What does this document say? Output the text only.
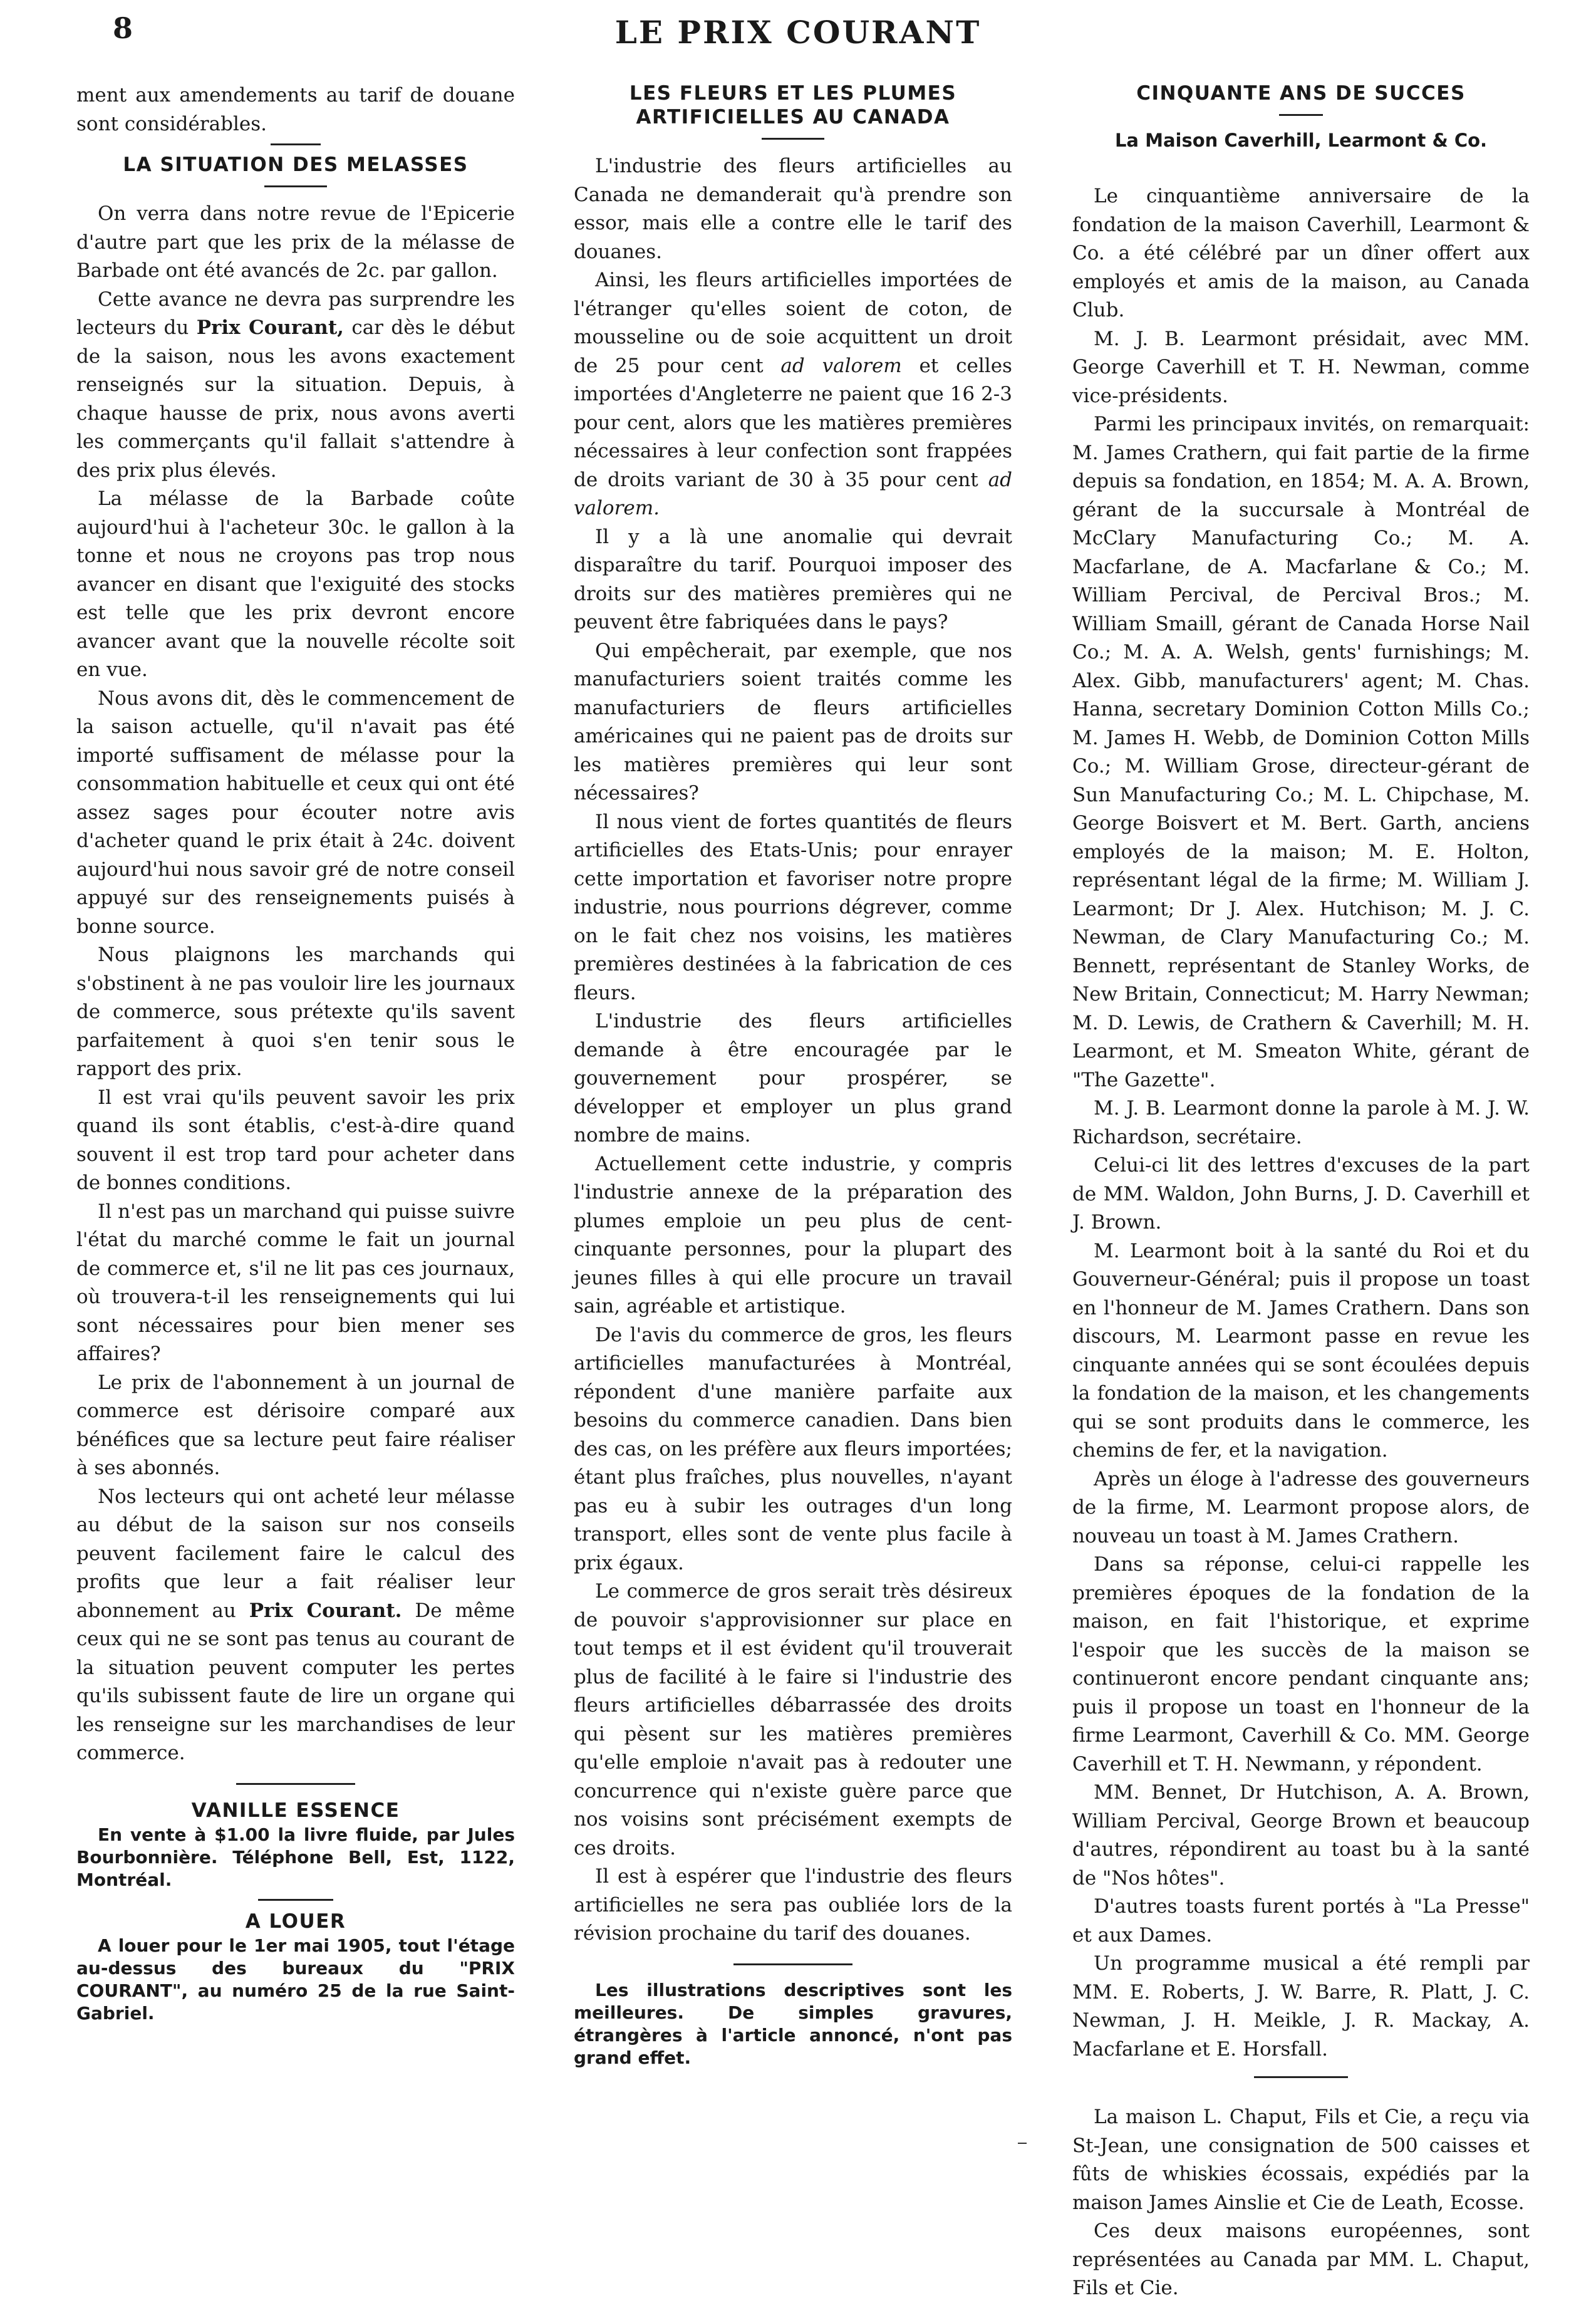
8	LE PRIX COURANT

ment aux amendements au tarif de douane sont considérables.

LA SITUATION DES MELASSES

On verra dans notre revue de l'Epicerie d'autre part que les prix de la mélasse de Barbade ont été avancés de 2c. par gallon.

Cette avance ne devra pas surprendre les lecteurs du Prix Courant, car dès le début de la saison, nous les avons exactement renseignés sur la situation. Depuis, à chaque hausse de prix, nous avons averti les commerçants qu'il fallait s'attendre à des prix plus élevés.

La mélasse de la Barbade coûte aujourd'hui à l'acheteur 30c. le gallon à la tonne et nous ne croyons pas trop nous avancer en disant que l'exiguité des stocks est telle que les prix devront encore avancer avant que la nouvelle récolte soit en vue.

Nous avons dit, dès le commencement de la saison actuelle, qu'il n'avait pas été importé suffisament de mélasse pour la consommation habituelle et ceux qui ont été assez sages pour écouter notre avis d'acheter quand le prix était à 24c. doivent aujourd'hui nous savoir gré de notre conseil appuyé sur des renseignements puisés à bonne source.

Nous plaignons les marchands qui s'obstinent à ne pas vouloir lire les journaux de commerce, sous prétexte qu'ils savent parfaitement à quoi s'en tenir sous le rapport des prix.

Il est vrai qu'ils peuvent savoir les prix quand ils sont établis, c'est-à-dire quand souvent il est trop tard pour acheter dans de bonnes conditions.

Il n'est pas un marchand qui puisse suivre l'état du marché comme le fait un journal de commerce et, s'il ne lit pas ces journaux, où trouvera-t-il les renseignements qui lui sont nécessaires pour bien mener ses affaires?

Le prix de l'abonnement à un journal de commerce est dérisoire comparé aux bénéfices que sa lecture peut faire réaliser à ses abonnés.

Nos lecteurs qui ont acheté leur mélasse au début de la saison sur nos conseils peuvent facilement faire le calcul des profits que leur a fait réaliser leur abonnement au Prix Courant. De même ceux qui ne se sont pas tenus au courant de la situation peuvent computer les pertes qu'ils subissent faute de lire un organe qui les renseigne sur les marchandises de leur commerce.

VANILLE ESSENCE

En vente à $1.00 la livre fluide, par Jules Bourbonnière. Téléphone Bell, Est, 1122, Montréal.

A LOUER

A louer pour le 1er mai 1905, tout l'étage au-dessus des bureaux du "PRIX COURANT", au numéro 25 de la rue Saint-Gabriel.

LES FLEURS ET LES PLUMES ARTIFICIELLES AU CANADA

L'industrie des fleurs artificielles au Canada ne demanderait qu'à prendre son essor, mais elle a contre elle le tarif des douanes.

Ainsi, les fleurs artificielles importées de l'étranger qu'elles soient de coton, de mousseline ou de soie acquittent un droit de 25 pour cent ad valorem et celles importées d'Angleterre ne paient que 16 2-3 pour cent, alors que les matières premières nécessaires à leur confection sont frappées de droits variant de 30 à 35 pour cent ad valorem.

Il y a là une anomalie qui devrait disparaître du tarif. Pourquoi imposer des droits sur des matières premières qui ne peuvent être fabriquées dans le pays?

Qui empêcherait, par exemple, que nos manufacturiers soient traités comme les manufacturiers de fleurs artificielles américaines qui ne paient pas de droits sur les matières premières qui leur sont nécessaires?

Il nous vient de fortes quantités de fleurs artificielles des Etats-Unis; pour enrayer cette importation et favoriser notre propre industrie, nous pourrions dégrever, comme on le fait chez nos voisins, les matières premières destinées à la fabrication de ces fleurs.

L'industrie des fleurs artificielles demande à être encouragée par le gouvernement pour prospérer, se développer et employer un plus grand nombre de mains.

Actuellement cette industrie, y compris l'industrie annexe de la préparation des plumes emploie un peu plus de cent-cinquante personnes, pour la plupart des jeunes filles à qui elle procure un travail sain, agréable et artistique.

De l'avis du commerce de gros, les fleurs artificielles manufacturées à Montréal, répondent d'une manière parfaite aux besoins du commerce canadien. Dans bien des cas, on les préfère aux fleurs importées; étant plus fraîches, plus nouvelles, n'ayant pas eu à subir les outrages d'un long transport, elles sont de vente plus facile à prix égaux.

Le commerce de gros serait très désireux de pouvoir s'approvisionner sur place en tout temps et il est évident qu'il trouverait plus de facilité à le faire si l'industrie des fleurs artificielles débarrassée des droits qui pèsent sur les matières premières qu'elle emploie n'avait pas à redouter une concurrence qui n'existe guère parce que nos voisins sont précisément exempts de ces droits.

Il est à espérer que l'industrie des fleurs artificielles ne sera pas oubliée lors de la révision prochaine du tarif des douanes.

Les illustrations descriptives sont les meilleures. De simples gravures, étrangères à l'article annoncé, n'ont pas grand effet.

CINQUANTE ANS DE SUCCES
La Maison Caverhill, Learmont & Co.

Le cinquantième anniversaire de la fondation de la maison Caverhill, Learmont & Co. a été célébré par un dîner offert aux employés et amis de la maison, au Canada Club.

M. J. B. Learmont présidait, avec MM. George Caverhill et T. H. Newman, comme vice-présidents.

Parmi les principaux invités, on remarquait: M. James Crathern, qui fait partie de la firme depuis sa fondation, en 1854; M. A. A. Brown, gérant de la succursale à Montréal de McClary Manufacturing Co.; M. A. Macfarlane, de A. Macfarlane & Co.; M. William Percival, de Percival Bros.; M. William Smaill, gérant de Canada Horse Nail Co.; M. A. A. Welsh, gents' furnishings; M. Alex. Gibb, manufacturers' agent; M. Chas. Hanna, secretary Dominion Cotton Mills Co.; M. James H. Webb, de Dominion Cotton Mills Co.; M. William Grose, directeur-gérant de Sun Manufacturing Co.; M. L. Chipchase, M. George Boisvert et M. Bert. Garth, anciens employés de la maison; M. E. Holton, représentant légal de la firme; M. William J. Learmont; Dr J. Alex. Hutchison; M. J. C. Newman, de Clary Manufacturing Co.; M. Bennett, représentant de Stanley Works, de New Britain, Connecticut; M. Harry Newman; M. D. Lewis, de Crathern & Caverhill; M. H. Learmont, et M. Smeaton White, gérant de "The Gazette".

M. J. B. Learmont donne la parole à M. J. W. Richardson, secrétaire.

Celui-ci lit des lettres d'excuses de la part de MM. Waldon, John Burns, J. D. Caverhill et J. Brown.

M. Learmont boit à la santé du Roi et du Gouverneur-Général; puis il propose un toast en l'honneur de M. James Crathern. Dans son discours, M. Learmont passe en revue les cinquante années qui se sont écoulées depuis la fondation de la maison, et les changements qui se sont produits dans le commerce, les chemins de fer, et la navigation.

Après un éloge à l'adresse des gouverneurs de la firme, M. Learmont propose alors, de nouveau un toast à M. James Crathern.

Dans sa réponse, celui-ci rappelle les premières époques de la fondation de la maison, en fait l'historique, et exprime l'espoir que les succès de la maison se continueront encore pendant cinquante ans; puis il propose un toast en l'honneur de la firme Learmont, Caverhill & Co. MM. George Caverhill et T. H. Newmann, y répondent.

MM. Bennet, Dr Hutchison, A. A. Brown, William Percival, George Brown et beaucoup d'autres, répondirent au toast bu à la santé de "Nos hôtes".

D'autres toasts furent portés à "La Presse" et aux Dames.

Un programme musical a été rempli par MM. E. Roberts, J. W. Barre, R. Platt, J. C. Newman, J. H. Meikle, J. R. Mackay, A. Macfarlane et E. Horsfall.

La maison L. Chaput, Fils et Cie, a reçu via St-Jean, une consignation de 500 caisses et fûts de whiskies écossais, expédiés par la maison James Ainslie et Cie de Leath, Ecosse.

Ces deux maisons européennes, sont représentées au Canada par MM. L. Chaput, Fils et Cie.
